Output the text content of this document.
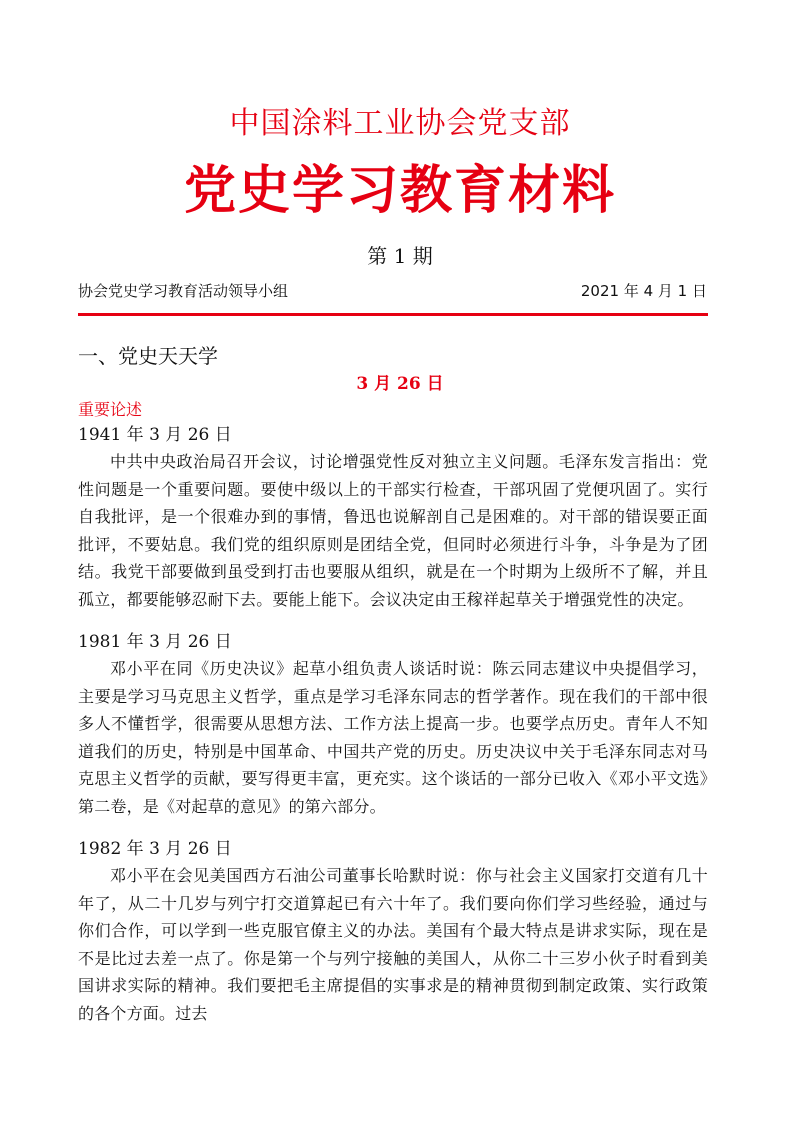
中国涂料工业协会党支部
党史学习教育材料
第 1 期
协会党史学习教育活动领导小组	2021 年 4 月 1 日
一、党史天天学
3 月 26 日
重要论述
1941 年 3 月 26 日

中共中央政治局召开会议，讨论增强党性反对独立主义问题。毛泽东发言指出：党性问题是一个重要问题。要使中级以上的干部实行检查，干部巩固了党便巩固了。实行自我批评，是一个很难办到的事情，鲁迅也说解剖自己是困难的。对干部的错误要正面批评，不要姑息。我们党的组织原则是团结全党，但同时必须进行斗争，斗争是为了团结。我党干部要做到虽受到打击也要服从组织，就是在一个时期为上级所不了解，并且孤立，都要能够忍耐下去。要能上能下。会议决定由王稼祥起草关于增强党性的决定。

1981 年 3 月 26 日

邓小平在同《历史决议》起草小组负责人谈话时说：陈云同志建议中央提倡学习，主要是学习马克思主义哲学，重点是学习毛泽东同志的哲学著作。现在我们的干部中很多人不懂哲学，很需要从思想方法、工作方法上提高一步。也要学点历史。青年人不知道我们的历史，特别是中国革命、中国共产党的历史。历史决议中关于毛泽东同志对马克思主义哲学的贡献，要写得更丰富，更充实。这个谈话的一部分已收入《邓小平文选》第二卷，是《对起草的意见》的第六部分。

1982 年 3 月 26 日

邓小平在会见美国西方石油公司董事长哈默时说：你与社会主义国家打交道有几十年了，从二十几岁与列宁打交道算起已有六十年了。我们要向你们学习些经验，通过与你们合作，可以学到一些克服官僚主义的办法。美国有个最大特点是讲求实际，现在是不是比过去差一点了。你是第一个与列宁接触的美国人，从你二十三岁小伙子时看到美国讲求实际的精神。我们要把毛主席提倡的实事求是的精神贯彻到制定政策、实行政策的各个方面。过去
